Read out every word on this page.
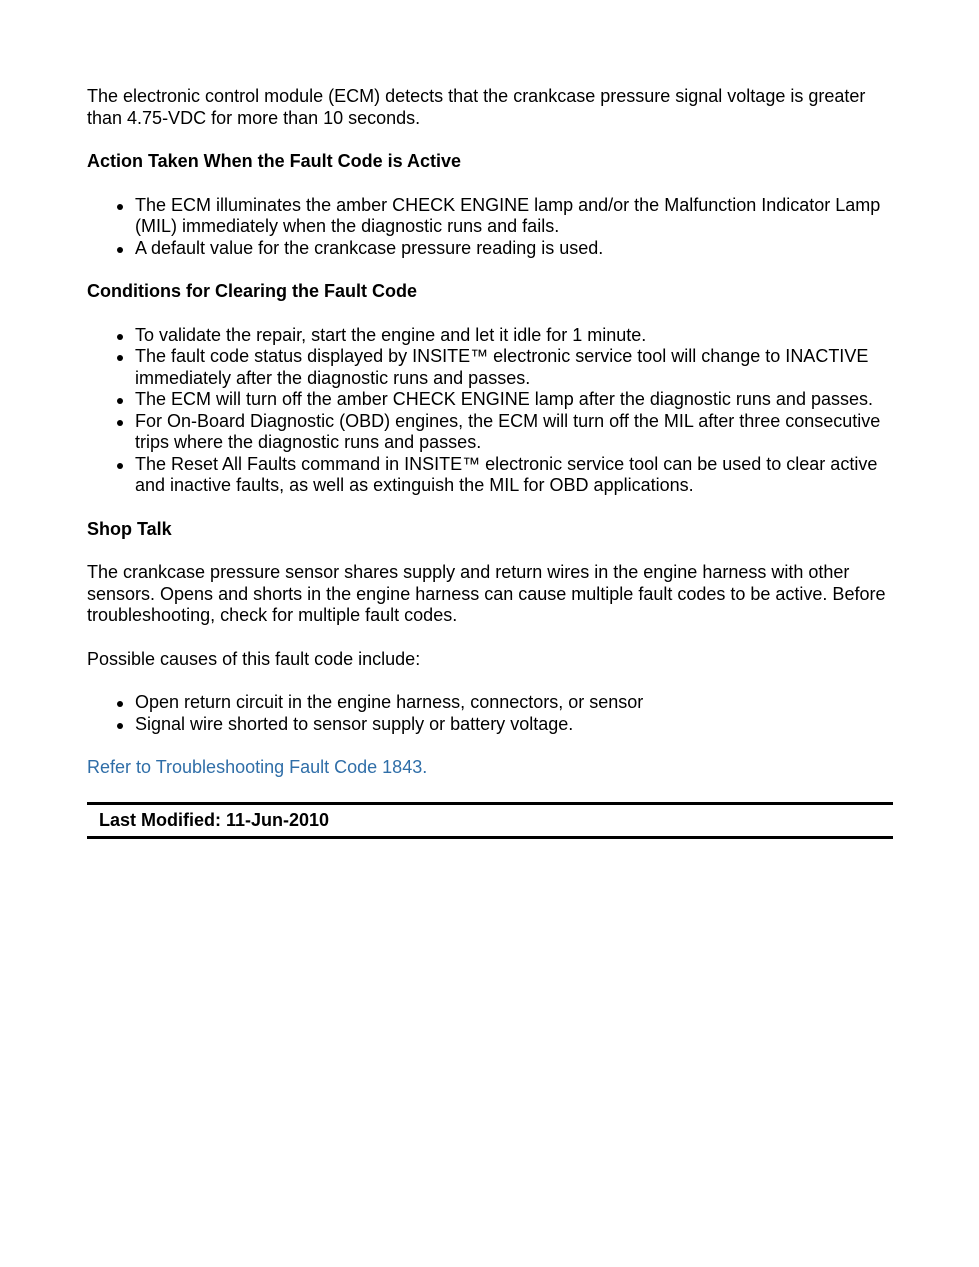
The electronic control module (ECM) detects that the crankcase pressure signal voltage is greater than 4.75-VDC for more than 10 seconds.

Action Taken When the Fault Code is Active
The ECM illuminates the amber CHECK ENGINE lamp and/or the Malfunction Indicator Lamp (MIL) immediately when the diagnostic runs and fails.
A default value for the crankcase pressure reading is used.
Conditions for Clearing the Fault Code
To validate the repair, start the engine and let it idle for 1 minute.
The fault code status displayed by INSITE™ electronic service tool will change to INACTIVE immediately after the diagnostic runs and passes.
The ECM will turn off the amber CHECK ENGINE lamp after the diagnostic runs and passes.
For On-Board Diagnostic (OBD) engines, the ECM will turn off the MIL after three consecutive trips where the diagnostic runs and passes.
The Reset All Faults command in INSITE™ electronic service tool can be used to clear active and inactive faults, as well as extinguish the MIL for OBD applications.
Shop Talk

The crankcase pressure sensor shares supply and return wires in the engine harness with other sensors. Opens and shorts in the engine harness can cause multiple fault codes to be active. Before troubleshooting, check for multiple fault codes.

Possible causes of this fault code include:

Open return circuit in the engine harness, connectors, or sensor
Signal wire shorted to sensor supply or battery voltage.
Refer to Troubleshooting Fault Code 1843.
Last Modified: 11-Jun-2010
